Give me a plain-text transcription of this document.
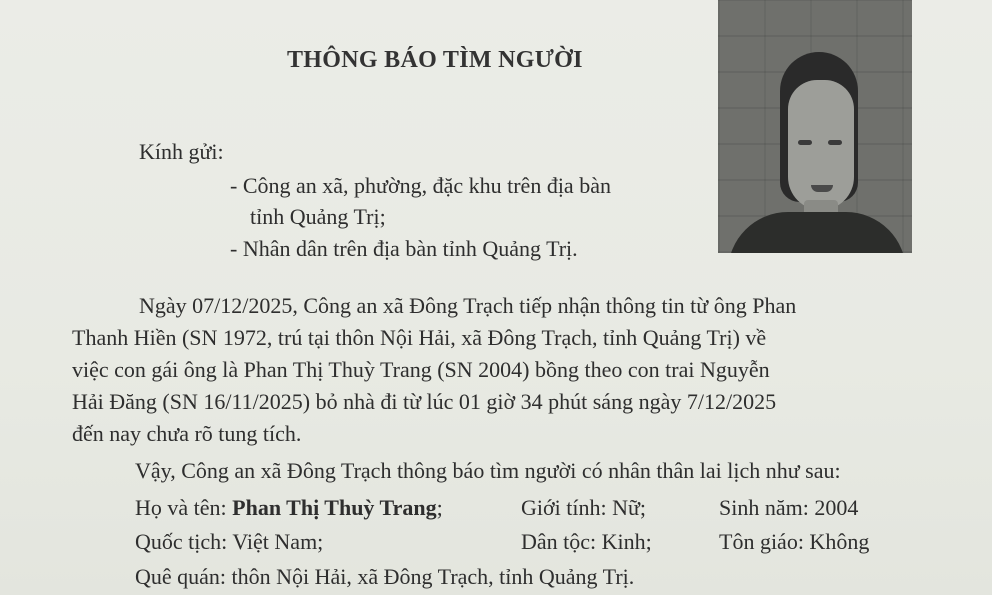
THÔNG BÁO TÌM NGƯỜI
Kính gửi:
- Công an xã, phường, đặc khu trên địa bàn
tỉnh Quảng Trị;
- Nhân dân trên địa bàn tỉnh Quảng Trị.
Ngày 07/12/2025, Công an xã Đông Trạch tiếp nhận thông tin từ ông Phan
Thanh Hiền (SN 1972, trú tại thôn Nội Hải, xã Đông Trạch, tỉnh Quảng Trị) về
việc con gái ông là Phan Thị Thuỳ Trang (SN 2004) bồng theo con trai Nguyễn
Hải Đăng (SN 16/11/2025) bỏ nhà đi từ lúc 01 giờ 34 phút sáng ngày 7/12/2025
đến nay chưa rõ tung tích.
Vậy, Công an xã Đông Trạch thông báo tìm người có nhân thân lai lịch như sau:
Họ và tên: Phan Thị Thuỳ Trang;	Giới tính: Nữ;	Sinh năm: 2004
Quốc tịch: Việt Nam;	Dân tộc: Kinh;	Tôn giáo: Không
Quê quán: thôn Nội Hải, xã Đông Trạch, tỉnh Quảng Trị.
